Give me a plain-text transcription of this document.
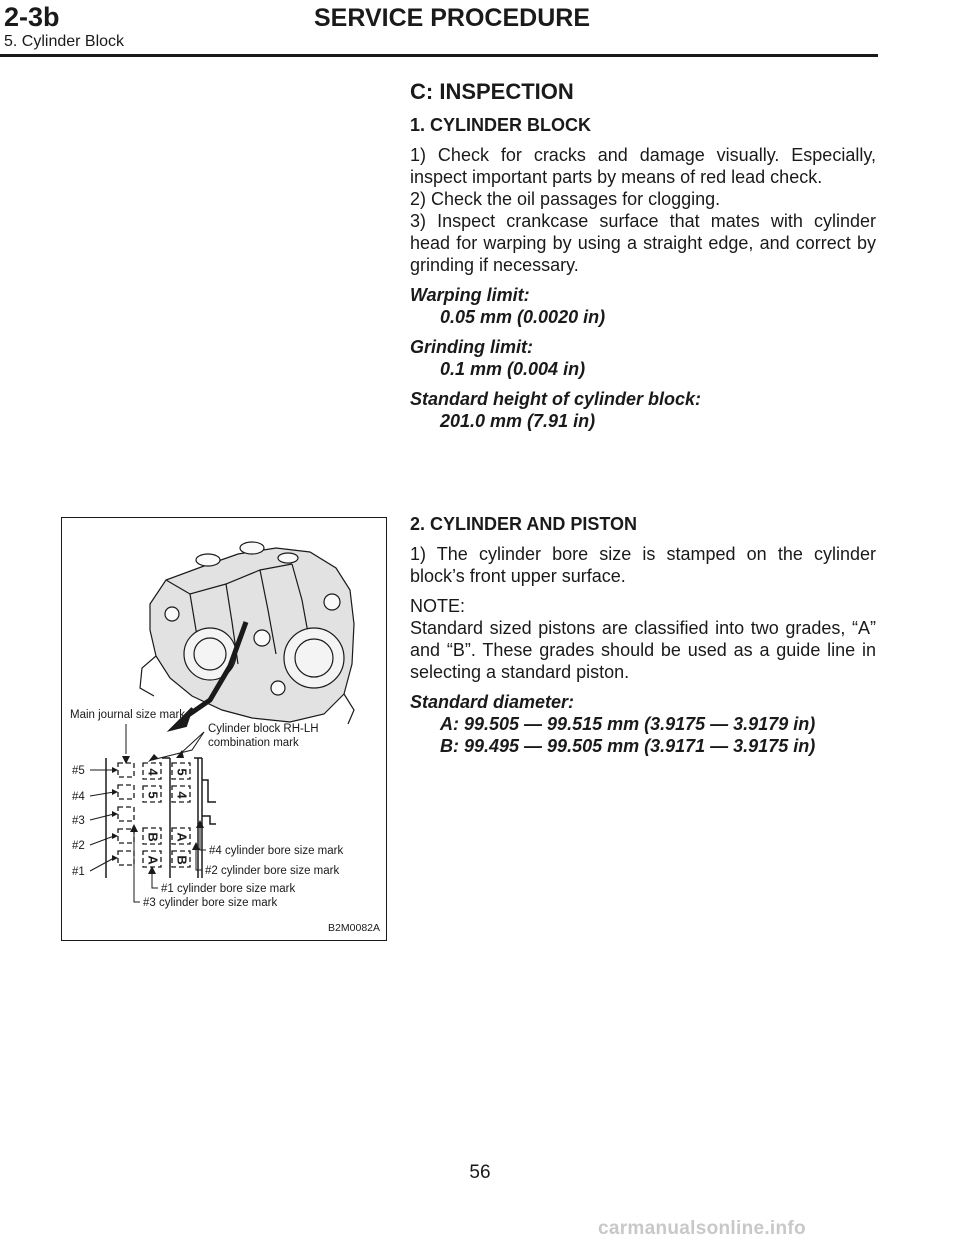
2-3b	SERVICE PROCEDURE
5. Cylinder Block

C: INSPECTION

1. CYLINDER BLOCK

1) Check for cracks and damage visually. Especially, inspect important parts by means of red lead check.

2) Check the oil passages for clogging.

3) Inspect crankcase surface that mates with cylinder head for warping by using a straight edge, and correct by grinding if necessary.

Warping limit:

0.05 mm (0.0020 in)

Grinding limit:

0.1 mm (0.004 in)

Standard height of cylinder block:

201.0 mm (7.91 in)

2. CYLINDER AND PISTON

1) The cylinder bore size is stamped on the cylinder block’s front upper surface.

NOTE:

Standard sized pistons are classified into two grades, “A” and “B”. These grades should be used as a guide line in selecting a standard piston.

Standard diameter:

A: 99.505 — 99.515 mm (3.9175 — 3.9179 in)

B: 99.495 — 99.505 mm (3.9171 — 3.9175 in)

Main journal size mark
Cylinder block RH-LH
combination mark
4
5
B
A
5
4
A
B
#5
#4
#3
#2
#1
#4 cylinder bore size mark
#2 cylinder bore size mark
#1 cylinder bore size mark
#3 cylinder bore size mark
B2M0082A
56
carmanualsonline.info
